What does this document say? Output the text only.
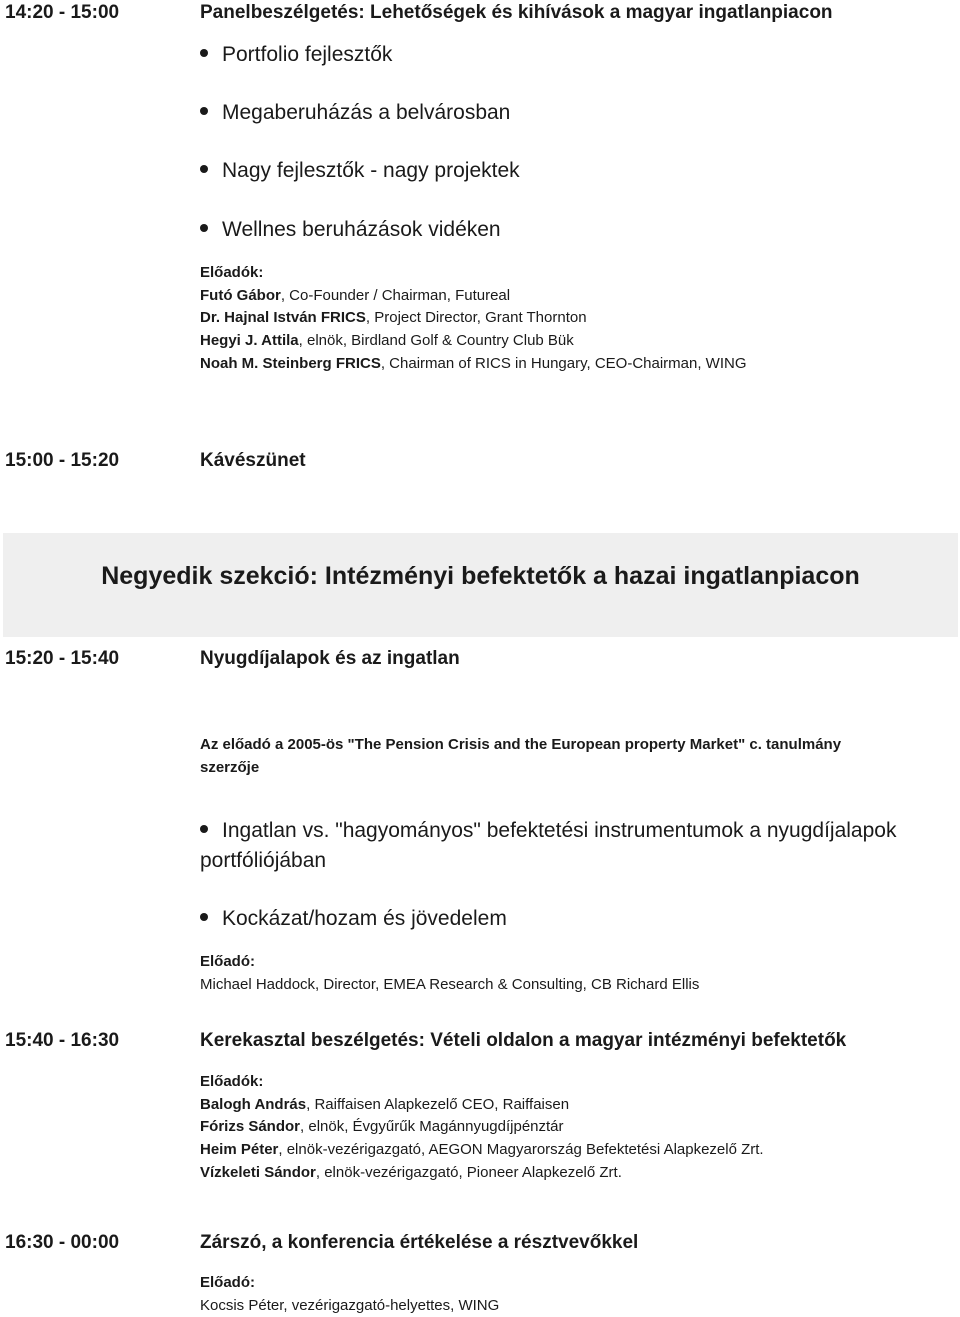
14:20 - 15:00	Panelbeszélgetés: Lehetőségek és kihívások a magyar ingatlanpiacon
Portfolio fejlesztők
Megaberuházás a belvárosban
Nagy fejlesztők - nagy projektek
Wellnes beruházások vidéken
Előadók:
Futó Gábor, Co-Founder / Chairman, Futureal
Dr. Hajnal István FRICS, Project Director, Grant Thornton
Hegyi J. Attila, elnök, Birdland Golf & Country Club Bük
Noah M. Steinberg FRICS, Chairman of RICS in Hungary, CEO-Chairman, WING
15:00 - 15:20	Kávészünet
Negyedik szekció: Intézményi befektetők a hazai ingatlanpiacon
15:20 - 15:40	Nyugdíjalapok és az ingatlan
Az előadó a 2005-ös "The Pension Crisis and the European property Market" c. tanulmány
szerzője
Ingatlan vs. "hagyományos" befektetési instrumentumok a nyugdíjalapok
portfóliójában
Kockázat/hozam és jövedelem
Előadó:
Michael Haddock, Director, EMEA Research & Consulting, CB Richard Ellis
15:40 - 16:30	Kerekasztal beszélgetés: Vételi oldalon a magyar intézményi befektetők
Előadók:
Balogh András, Raiffaisen Alapkezelő CEO, Raiffaisen
Fórizs Sándor, elnök, Évgyűrűk Magánnyugdíjpénztár
Heim Péter, elnök-vezérigazgató, AEGON Magyarország Befektetési Alapkezelő Zrt.
Vízkeleti Sándor, elnök-vezérigazgató, Pioneer Alapkezelő Zrt.
16:30 - 00:00	Zárszó, a konferencia értékelése a résztvevőkkel
Előadó:
Kocsis Péter, vezérigazgató-helyettes, WING
